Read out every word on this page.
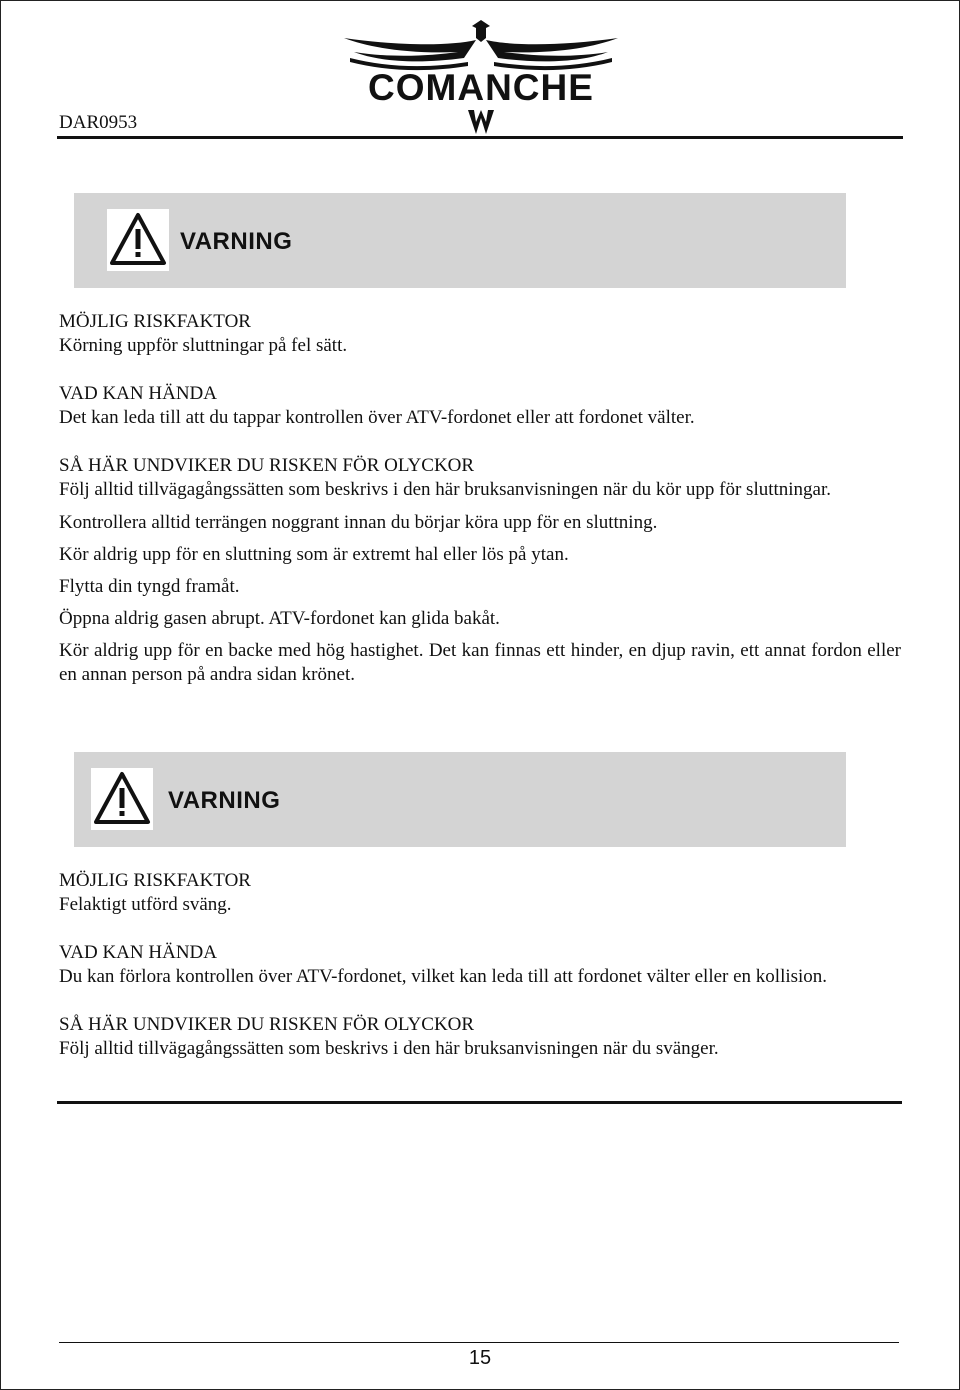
DAR0953
COMANCHE
VARNING

MÖJLIG RISKFAKTOR

Körning uppför sluttningar på fel sätt.

VAD KAN HÄNDA

Det kan leda till att du tappar kontrollen över ATV-fordonet eller att fordonet välter.

SÅ HÄR UNDVIKER DU RISKEN FÖR OLYCKOR

Följ alltid tillvägagångssätten som beskrivs i den här bruksanvisningen när du kör upp för sluttningar.

Kontrollera alltid terrängen noggrant innan du börjar köra upp för en sluttning.

Kör aldrig upp för en sluttning som är extremt hal eller lös på ytan.

Flytta din tyngd framåt.

Öppna aldrig gasen abrupt. ATV-fordonet kan glida bakåt.

Kör aldrig upp för en backe med hög hastighet. Det kan finnas ett hinder, en djup ravin, ett annat fordon eller en annan person på andra sidan krönet.

VARNING

MÖJLIG RISKFAKTOR

Felaktigt utförd sväng.

VAD KAN HÄNDA

Du kan förlora kontrollen över ATV-fordonet, vilket kan leda till att fordonet välter eller en kollision.

SÅ HÄR UNDVIKER DU RISKEN FÖR OLYCKOR

Följ alltid tillvägagångssätten som beskrivs i den här bruksanvisningen när du svänger.

15
